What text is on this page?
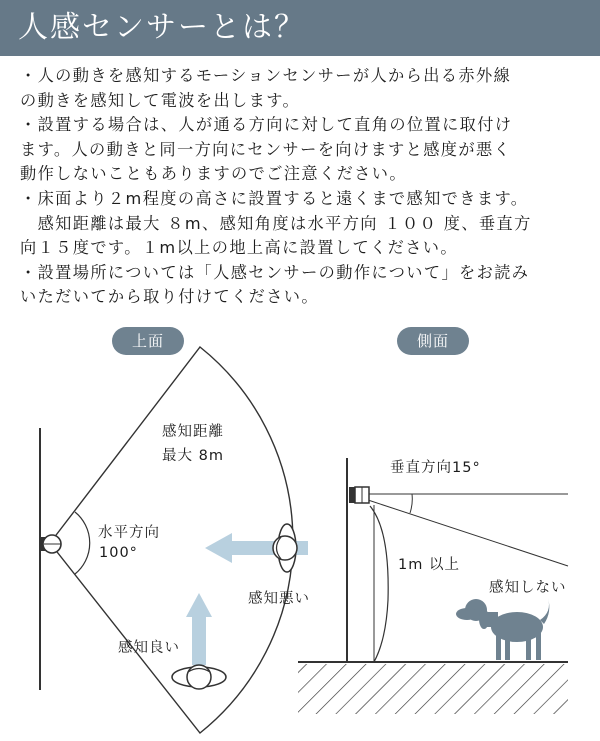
人感センサーとは？
・人の動きを感知するモーションセンサーが人から出る赤外線
の動きを感知して電波を出します。
・設置する場合は、人が通る方向に対して直角の位置に取付け
ます。人の動きと同一方向にセンサーを向けますと感度が悪く
動作しないこともありますのでご注意ください。
・床面より２m程度の高さに設置すると遠くまで感知できます。
　感知距離は最大 ８m、感知角度は水平方向 １００ 度、垂直方
向１５度です。１m以上の地上高に設置してください。
・設置場所については「人感センサーの動作について」をお読み
いただいてから取り付けてください。
上面	側面
感知距離
最大 8m
水平方向
100°
感知悪い
感知良い
垂直方向15°
1m 以上
感知しない
